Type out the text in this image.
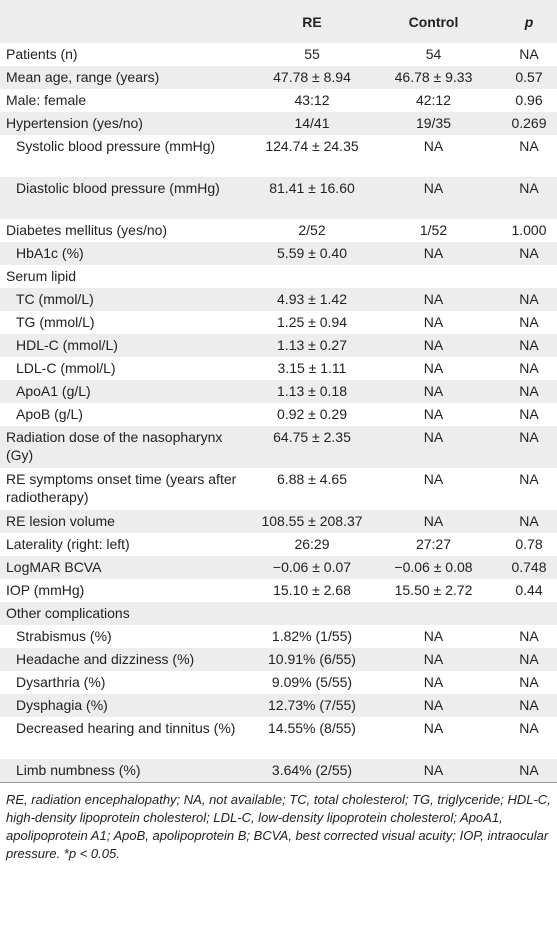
	RE	Control	p
Patients (n)	55	54	NA
Mean age, range (years)	47.78 ± 8.94	46.78 ± 9.33	0.57
Male: female	43:12	42:12	0.96
Hypertension (yes/no)	14/41	19/35	0.269
Systolic blood pressure (mmHg)	124.74 ± 24.35	NA	NA
Diastolic blood pressure (mmHg)	81.41 ± 16.60	NA	NA
Diabetes mellitus (yes/no)	2/52	1/52	1.000
HbA1c (%)	5.59 ± 0.40	NA	NA
Serum lipid			
TC (mmol/L)	4.93 ± 1.42	NA	NA
TG (mmol/L)	1.25 ± 0.94	NA	NA
HDL-C (mmol/L)	1.13 ± 0.27	NA	NA
LDL-C (mmol/L)	3.15 ± 1.11	NA	NA
ApoA1 (g/L)	1.13 ± 0.18	NA	NA
ApoB (g/L)	0.92 ± 0.29	NA	NA
Radiation dose of the nasopharynx (Gy)	64.75 ± 2.35	NA	NA
RE symptoms onset time (years after radiotherapy)	6.88 ± 4.65	NA	NA
RE lesion volume	108.55 ± 208.37	NA	NA
Laterality (right: left)	26:29	27:27	0.78
LogMAR BCVA	−0.06 ± 0.07	−0.06 ± 0.08	0.748
IOP (mmHg)	15.10 ± 2.68	15.50 ± 2.72	0.44
Other complications			
Strabismus (%)	1.82% (1/55)	NA	NA
Headache and dizziness (%)	10.91% (6/55)	NA	NA
Dysarthria (%)	9.09% (5/55)	NA	NA
Dysphagia (%)	12.73% (7/55)	NA	NA
Decreased hearing and tinnitus (%)	14.55% (8/55)	NA	NA
Limb numbness (%)	3.64% (2/55)	NA	NA
RE, radiation encephalopathy; NA, not available; TC, total cholesterol; TG, triglyceride; HDL-C, high-density lipoprotein cholesterol; LDL-C, low-density lipoprotein cholesterol; ApoA1, apolipoprotein A1; ApoB, apolipoprotein B; BCVA, best corrected visual acuity; IOP, intraocular pressure. *p < 0.05.
